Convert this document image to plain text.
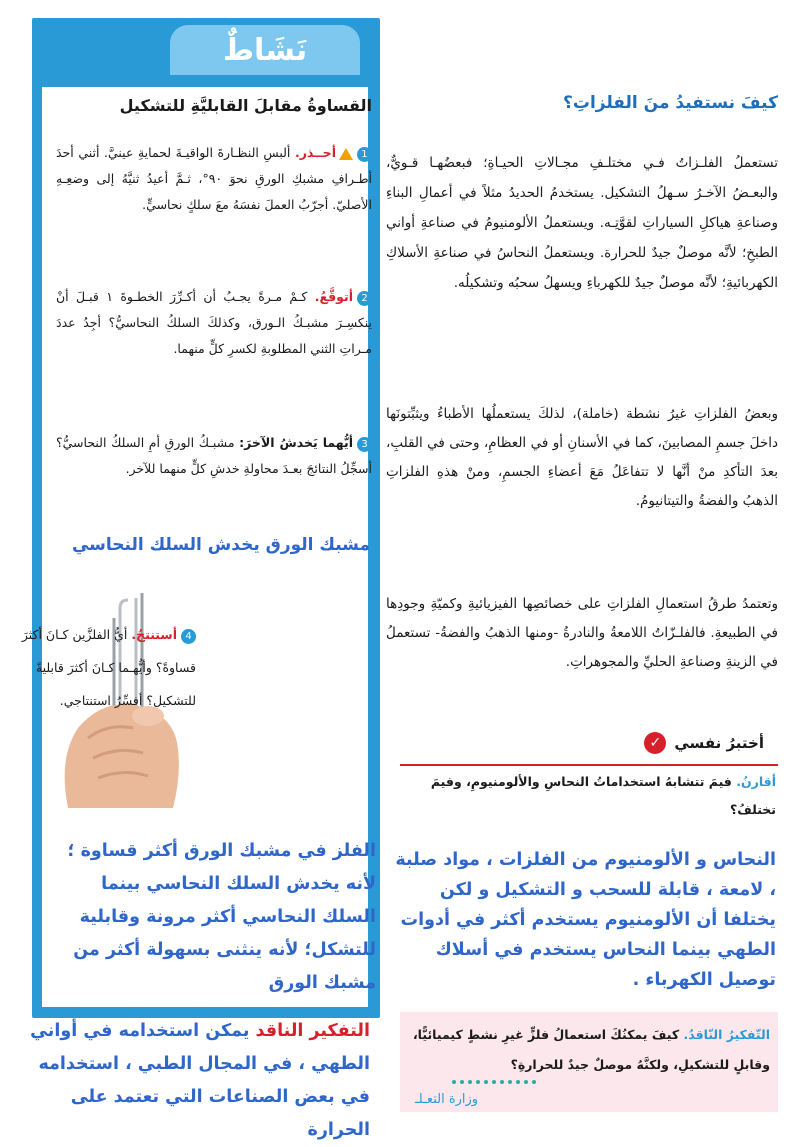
نَشَاطٌ
القساوةُ مقابلَ القابليَّةِ للتشكيل
1أحــذر. ألبسِ النظـارةَ الواقيـةَ لحمايةِ عينيَّ. أثني أحدَ أطـرافِ مشبكِ الورقِ نحوَ ٩٠°، ثـمَّ أعيدُ ثنيَّهُ إلى وضعِـهِ الأصليّ. أجرّبُ العملَ نفسَهُ معَ سلكٍ نحاسيٍّ.
2أتوقَّعُ. كـمْ مـرةً يجـبُ أن أكـرِّرَ الخطـوةَ ١ قبـلَ أنْ ينكسِـرَ مشبـكُ الـورق، وكذلكَ السلكُ النحاسيُّ؟ أجِدُ عددَ مـراتِ الثني المطلوبةِ لكسرِ كلٍّ منهما.
3أيُّهما يَخدشُ الآخرَ: مشبـكُ الورقِ أمِ السلكُ النحاسيُّ؟ أسجِّلُ النتائجَ بعـدَ محاولةِ خدشِ كلٍّ منهما للآخر.
مشبك الورق يخدش السلك النحاسي
4أستنتجُ. أيُّ الفلزَّين كـانَ أكثرَ قساوةً؟ وأيُّهـما كـانَ أكثرَ قابليةً للتشكيل؟ أفسِّرُ استنتاجي.
الفلز في مشبك الورق أكثر قساوة ؛ لأنه يخدش السلك النحاسي بينما السلك النحاسي أكثر مرونة وقابلية للتشكل؛ لأنه ينثنى بسهولة أكثر من مشبك الورق
التفكير الناقد يمكن استخدامه في أواني الطهي ، في المجال الطبي ، استخدامه في بعض الصناعات التي تعتمد على الحرارة
كيفَ نستفيدُ منَ الفلزاتِ؟
تستعملُ الفلـزاتُ فـي مختلـفِ مجـالاتِ الحيـاةِ؛ فبعضُهـا قـويٌّ، والبعـضُ الآخـرُ سـهلُ التشكيل. يستخدمُ الحديدُ مثلاً في أعمالِ البناءِ وصناعةِ هياكلِ السياراتِ لقوَّتِـه. ويستعملُ الألومنيومُ في صناعةِ أواني الطبخِ؛ لأنَّه موصلٌ جيدٌ للحرارة. ويستعملُ النحاسُ في صناعةِ الأسلاكِ الكهربائيةِ؛ لأنَّه موصلٌ جيدٌ للكهرباءِ ويسهلُ سحبُه وتشكيلُه.
وبعضُ الفلزاتِ غيرُ نشطة (خاملة)، لذلكَ يستعملُها الأطباءُ ويثبِّتونَها داخلَ جسمِ المصابينَ، كما في الأسنانِ أو في العظامِ، وحتى في القلبِ، بعدَ التأكدِ منْ أنَّها لا تتفاعَلُ مَعَ أعضاءِ الجسمِ، ومنْ هذهِ الفلزاتِ الذهبُ والفضةُ والتيتانيومُ.
وتعتمدُ طرقُ استعمالِ الفلزاتِ على خصائصِها الفيزيائيةِ وكميّةِ وجودِها في الطبيعةِ. فالفلـزّاتُ اللامعةُ والنادرةُ -ومنها الذهبُ والفضةُ- تستعملُ في الزينةِ وصناعةِ الحليِّ والمجوهراتِ.
أختبرُ نفسي
✓
أقارنُ. فيمَ تتشابهُ استخداماتُ النحاسِ والألومنيومِ، وفيمَ تختلفُ؟
النحاس و الألومنيوم من الفلزات ، مواد صلبة ، لامعة ، قابلة للسحب و التشكيل و لكن يختلفا أن الألومنيوم يستخدم أكثر في أدوات الطهي بينما النحاس يستخدم في أسلاك توصيل الكهرباء .
التّفكيرُ النّاقدُ. كيفَ يمكنُكَ استعمالُ فلزٍّ غيرِ نشطٍ كيميائيًّا، وقابلٍ للتشكيلِ، ولكنَّهُ موصلٌ جيدٌ للحرارةِ؟
وزارة التعـلـ
